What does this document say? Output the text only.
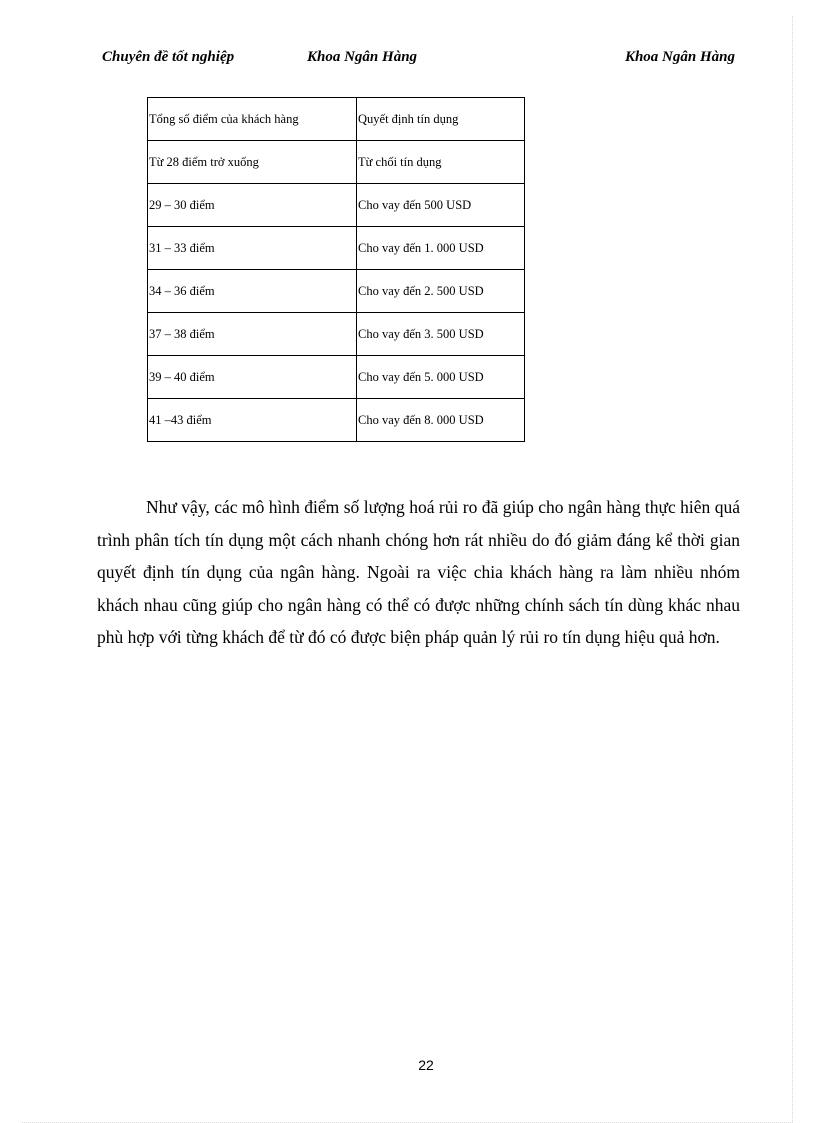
Chuyên đề tốt nghiệp	Khoa Ngân Hàng	Khoa Ngân Hàng
Tổng số điểm của khách hàng	Quyết định tín dụng
Từ 28 điểm trở xuống	Từ chối tín dụng
29 – 30 điểm	Cho vay đến 500 USD
31 – 33 điểm	Cho vay đến 1. 000 USD
34 – 36 điểm	Cho vay đến 2. 500 USD
37 – 38 điểm	Cho vay đến 3. 500 USD
39 – 40 điểm	Cho vay đến 5. 000 USD
41 –43 điểm	Cho vay đến 8. 000 USD

Như vậy, các mô hình điểm số lượng hoá rủi ro đã giúp cho ngân hàng thực hiên quá trình phân tích tín dụng một cách nhanh chóng hơn rát nhiều do đó giảm đáng kể thời gian quyết định tín dụng của ngân hàng. Ngoài ra việc chia khách hàng ra làm nhiều nhóm khách nhau cũng giúp cho ngân hàng có thể có được những chính sách tín dùng khác nhau phù hợp với từng khách để từ đó có được biện pháp quản lý rủi ro tín dụng hiệu quả hơn.

22
